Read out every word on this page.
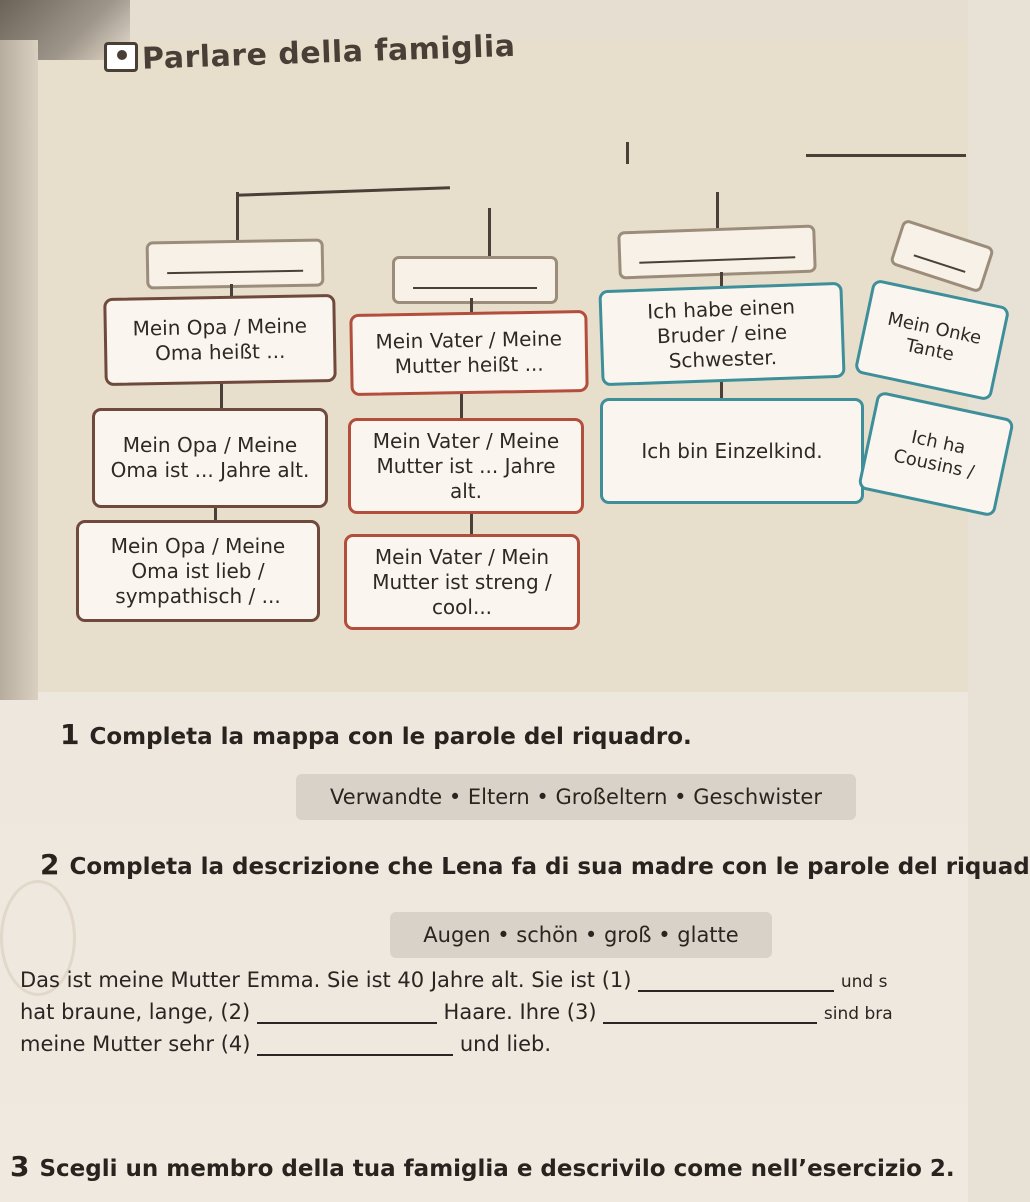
Parlare della famiglia
Mein Opa / Meine Oma heißt ...
Mein Opa / Meine Oma ist ... Jahre alt.
Mein Opa / Meine Oma ist lieb / sympathisch / ...
Mein Vater / Meine Mutter heißt ...
Mein Vater / Meine Mutter ist ... Jahre alt.
Mein Vater / Mein Mutter ist streng / cool...
Ich habe einen Bruder / eine Schwester.
Ich bin Einzelkind.
Mein Onke Tante
Ich ha Cousins /
1 Completa la mappa con le parole del riquadro.
Verwandte • Eltern • Großeltern • Geschwister
2 Completa la descrizione che Lena fa di sua madre con le parole del riquad
Augen • schön • groß • glatte
Das ist meine Mutter Emma. Sie ist 40 Jahre alt. Sie ist (1)	und s
hat braune, lange, (2)	Haare. Ihre (3)	sind bra
meine Mutter sehr (4)	und lieb.
3 Scegli un membro della tua famiglia e descrivilo come nell’esercizio 2.
